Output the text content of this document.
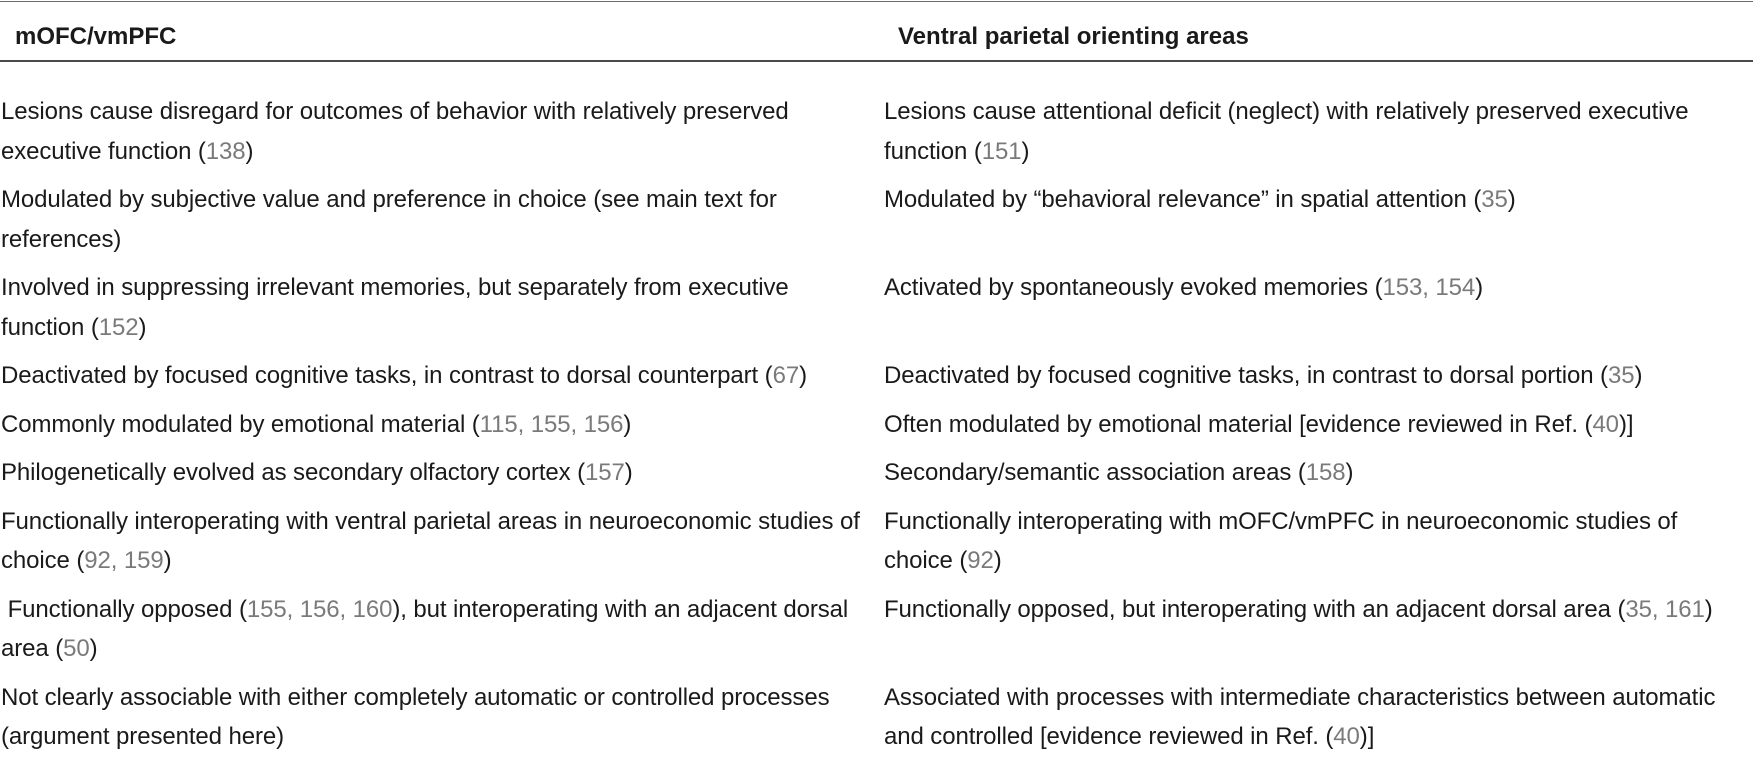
mOFC/vmPFC	Ventral parietal orienting areas
Lesions cause disregard for outcomes of behavior with relatively preserved executive function (138)
Modulated by subjective value and preference in choice (see main text for references)
Involved in suppressing irrelevant memories, but separately from executive function (152)
Deactivated by focused cognitive tasks, in contrast to dorsal counterpart (67)
Commonly modulated by emotional material (115, 155, 156)
Philogenetically evolved as secondary olfactory cortex (157)
Functionally interoperating with ventral parietal areas in neuroeconomic studies of choice (92, 159)
Functionally opposed (155, 156, 160), but interoperating with an adjacent dorsal area (50)
Not clearly associable with either completely automatic or controlled processes (argument presented here)
Lesions cause attentional deficit (neglect) with relatively preserved executive function (151)
Modulated by “behavioral relevance” in spatial attention (35)
Activated by spontaneously evoked memories (153, 154)
Deactivated by focused cognitive tasks, in contrast to dorsal portion (35)
Often modulated by emotional material [evidence reviewed in Ref. (40)]
Secondary/semantic association areas (158)
Functionally interoperating with mOFC/vmPFC in neuroeconomic studies of choice (92)
Functionally opposed, but interoperating with an adjacent dorsal area (35, 161)
Associated with processes with intermediate characteristics between automatic and controlled [evidence reviewed in Ref. (40)]
